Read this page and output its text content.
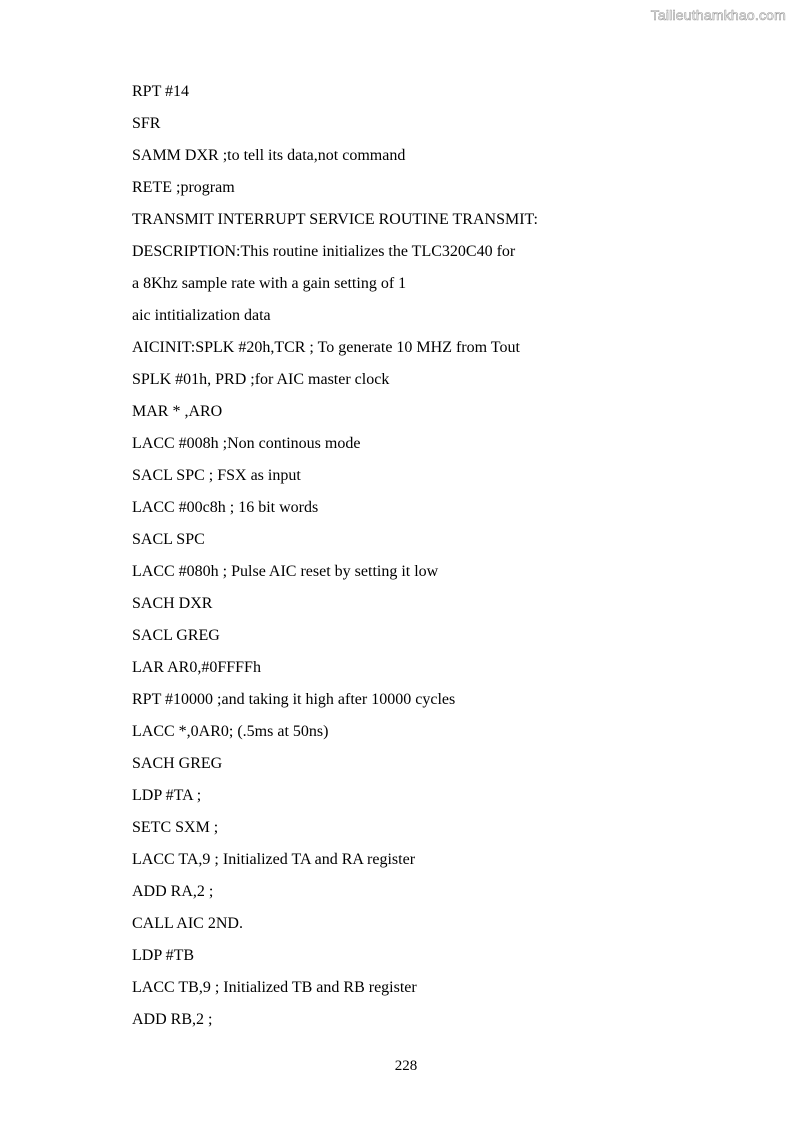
Tailieuthamkhao.com
RPT #14
SFR
SAMM DXR ;to tell its data,not command
RETE ;program
TRANSMIT INTERRUPT SERVICE ROUTINE TRANSMIT:
DESCRIPTION:This routine initializes the TLC320C40 for
a 8Khz sample rate with a gain setting of 1
aic intitialization data
AICINIT:SPLK #20h,TCR ; To generate 10 MHZ from Tout
SPLK #01h, PRD ;for AIC master clock
MAR * ,ARO
LACC #008h ;Non continous mode
SACL SPC ; FSX as input
LACC #00c8h ; 16 bit words
SACL SPC
LACC #080h ; Pulse AIC reset by setting it low
SACH DXR
SACL GREG
LAR AR0,#0FFFFh
RPT #10000 ;and taking it high after 10000 cycles
LACC *,0AR0; (.5ms at 50ns)
SACH GREG
LDP #TA ;
SETC SXM ;
LACC TA,9 ; Initialized TA and RA register
ADD RA,2 ;
CALL AIC 2ND.
LDP #TB
LACC TB,9 ; Initialized TB and RB register
ADD RB,2 ;
228
